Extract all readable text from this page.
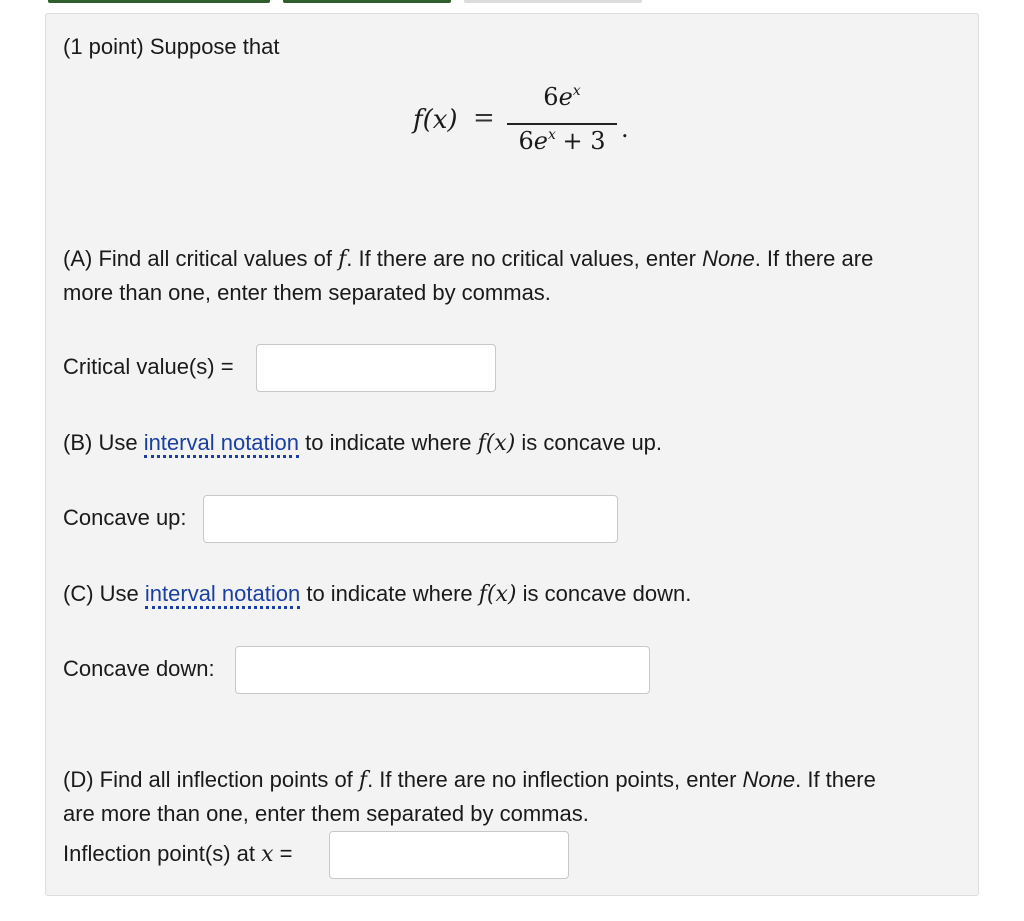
(1 point) Suppose that
f(x) =
$6e^x$
$6e^x + 3$ .
(A) Find all critical values of f. If there are no critical values, enter None. If there are
more than one, enter them separated by commas.
Critical value(s) =
(B) Use interval notation to indicate where f(x) is concave up.
Concave up:
(C) Use interval notation to indicate where f(x) is concave down.
Concave down:
(D) Find all inflection points of f. If there are no inflection points, enter None. If there
are more than one, enter them separated by commas.
Inflection point(s) at x =
